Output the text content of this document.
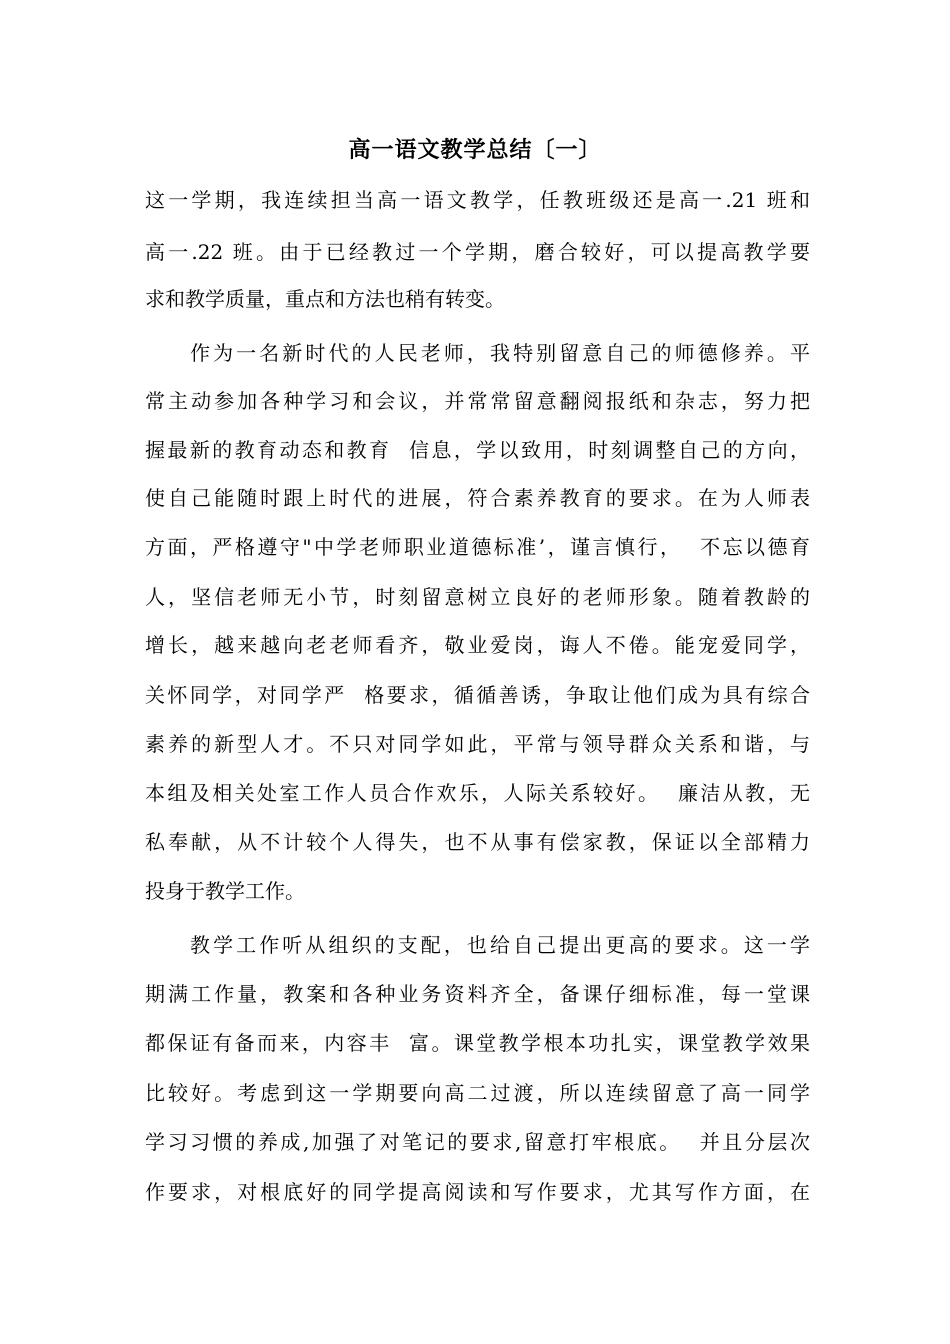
高一语文教学总结〔一〕
这一学期，我连续担当高一语文教学，任教班级还是高一.21 班和
高一.22 班。由于已经教过一个学期，磨合较好，可以提高教学要
求和教学质量，重点和方法也稍有转变。
作为一名新时代的人民老师，我特别留意自己的师德修养。平
常主动参加各种学习和会议，并常常留意翻阅报纸和杂志，努力把
握最新的教育动态和教育  信息，学以致用，时刻调整自己的方向，
使自己能随时跟上时代的进展，符合素养教育的要求。在为人师表
方面，严格遵守"中学老师职业道德标准’，谨言慎行，  不忘以德育
人，坚信老师无小节，时刻留意树立良好的老师形象。随着教龄的
增长，越来越向老老师看齐，敬业爱岗，诲人不倦。能宠爱同学，
关怀同学，对同学严  格要求，循循善诱，争取让他们成为具有综合
素养的新型人才。不只对同学如此，平常与领导群众关系和谐，与
本组及相关处室工作人员合作欢乐，人际关系较好。  廉洁从教，无
私奉献，从不计较个人得失，也不从事有偿家教，保证以全部精力
投身于教学工作。
教学工作听从组织的支配，也给自己提出更高的要求。这一学
期满工作量，教案和各种业务资料齐全，备课仔细标准，每一堂课
都保证有备而来，内容丰  富。课堂教学根本功扎实，课堂教学效果
比较好。考虑到这一学期要向高二过渡，所以连续留意了高一同学
学习习惯的养成,加强了对笔记的要求,留意打牢根底。  并且分层次
作要求，对根底好的同学提高阅读和写作要求，尤其写作方面，在
